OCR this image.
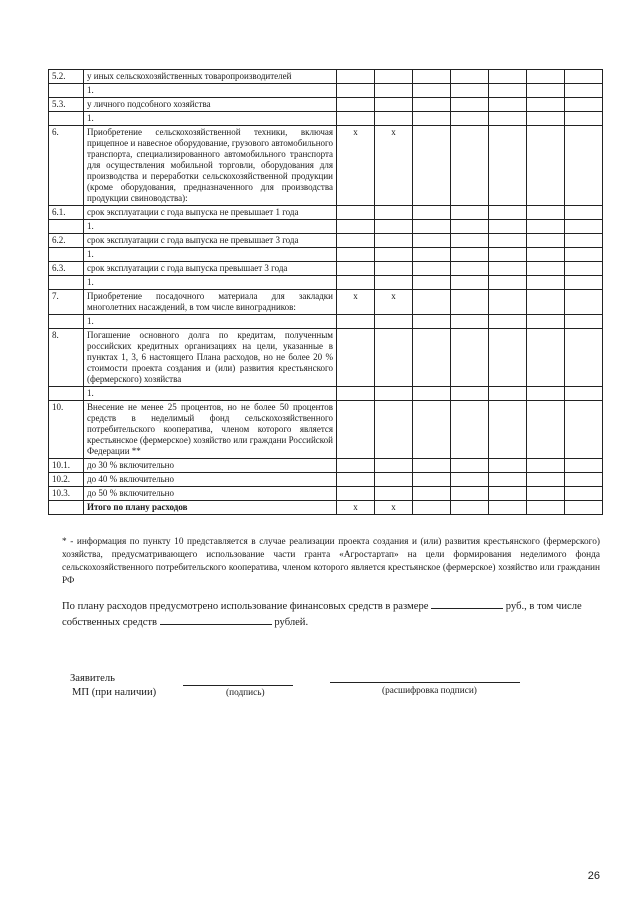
5.2.	у иных сельскохозяйственных товаропроизводителей							
	1.							
5.3.	у личного подсобного хозяйства							
	1.							
6.	Приобретение сельскохозяйственной техники, включая прицепное и навесное оборудование, грузового автомобильного транспорта, специализированного автомобильного транспорта для осуществления мобильной торговли, оборудования для производства и переработки сельскохозяйственной продукции (кроме оборудования, предназначенного для производства продукции свиноводства):	х	х					
6.1.	срок эксплуатации с года выпуска не превышает 1 года							
	1.							
6.2.	срок эксплуатации с года выпуска не превышает 3 года							
	1.							
6.3.	срок эксплуатации с года выпуска превышает 3 года							
	1.							
7.	Приобретение посадочного материала для закладки многолетних насаждений, в том числе виноградников:	х	х					
	1.							
8.	Погашение основного долга по кредитам, полученным российских кредитных организациях на цели, указанные в пунктах 1, 3, 6 настоящего Плана расходов, но не более 20 % стоимости проекта создания и (или) развития крестьянского (фермерского) хозяйства							
	1.							
10.	Внесение не менее 25 процентов, но не более 50 процентов средств в неделимый фонд сельскохозяйственного потребительского кооператива, членом которого является крестьянское (фермерское) хозяйство или граждани Российской Федерации **							
10.1.	до 30 % включительно							
10.2.	до 40 % включительно							
10.3.	до 50 % включительно							
	Итого по плану расходов	х	х					
* - информация по пункту 10 представляется в случае реализации проекта создания и (или) развития крестьянского (фермерского) хозяйства, предусматривающего использование части гранта «Агростартап» на цели формирования неделимого фонда сельскохозяйственного потребительского кооператива, членом которого является крестьянское (фермерское) хозяйство или гражданин РФ
По плану расходов предусмотрено использование финансовых средств в размере	руб., в том числе собственных средств	рублей.
Заявитель
МП (при наличии)	(подпись)	(расшифровка подписи)
26
